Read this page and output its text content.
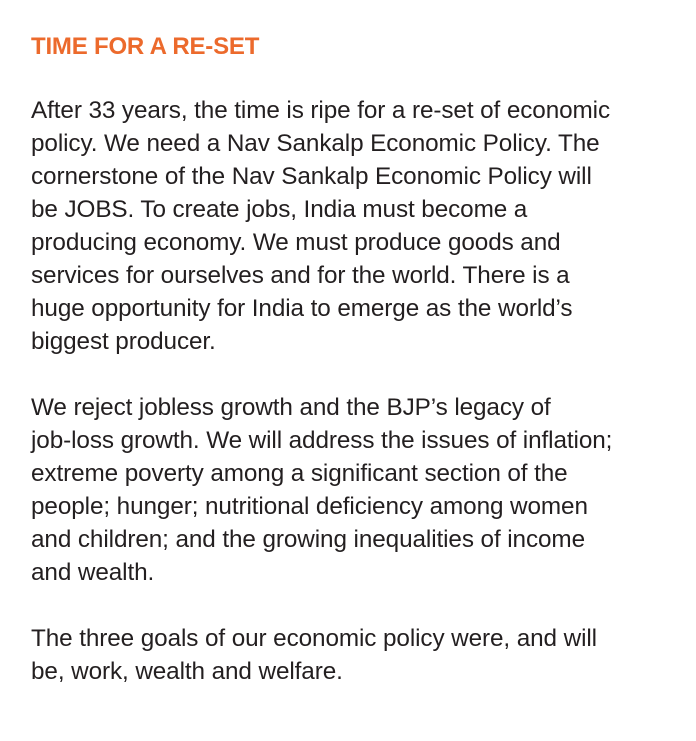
TIME FOR A RE-SET

After 33 years, the time is ripe for a re-set of economic
policy. We need a Nav Sankalp Economic Policy. The
cornerstone of the Nav Sankalp Economic Policy will
be JOBS. To create jobs, India must become a
producing economy. We must produce goods and
services for ourselves and for the world. There is a
huge opportunity for India to emerge as the world’s
biggest producer.

We reject jobless growth and the BJP’s legacy of
job-loss growth. We will address the issues of inflation;
extreme poverty among a significant section of the
people; hunger; nutritional deficiency among women
and children; and the growing inequalities of income
and wealth.

The three goals of our economic policy were, and will
be, work, wealth and welfare.
